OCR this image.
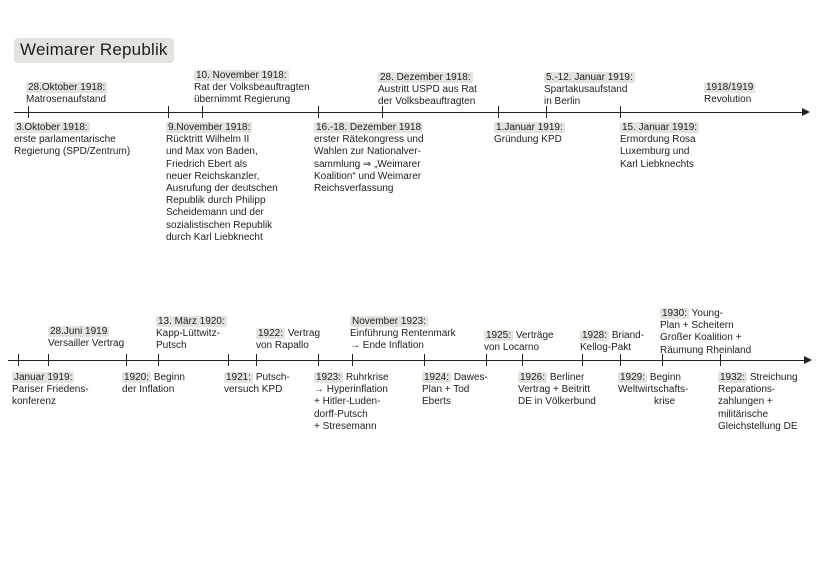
Weimarer Republik
28.Oktober 1918:
Matrosenaufstand
10. November 1918:
Rat der Volksbeauftragten
übernimmt Regierung
28. Dezember 1918:
Austritt USPD aus Rat
der Volksbeauftragten
5.-12. Januar 1919:
Spartakusaufstand
in Berlin
1918/1919
Revolution
3.Oktober 1918:
erste parlamentarische
Regierung (SPD/Zentrum)
9.November 1918:
Rücktritt Wilhelm II
und Max von Baden,
Friedrich Ebert als
neuer Reichskanzler,
Ausrufung der deutschen
Republik durch Philipp
Scheidemann und der
sozialistischen Republik
durch Karl Liebknecht
16.-18. Dezember 1918
erster Rätekongress und
Wahlen zur Nationalver-
sammlung ⇒ „Weimarer
Koalition“ und Weimarer
Reichsverfassung
1.Januar 1919:
Gründung KPD
15. Januar 1919:
Ermordung Rosa
Luxemburg und
Karl Liebknechts
28.Juni 1919
Versailler Vertrag
13. März 1920:
Kapp-Lüttwitz-
Putsch
1922: Vertrag
von Rapallo
November 1923:
Einführung Rentenmark
→ Ende Inflation
1925: Verträge
von Locarno
1928: Briand-
Kellog-Pakt
1930: Young-
Plan + Scheitern
Großer Koalition +
Räumung Rheinland
Januar 1919:
Pariser Friedens-
konferenz
1920: Beginn
der Inflation
1921: Putsch-
versuch KPD
1923: Ruhrkrise
→ Hyperinflation
+ Hitler-Luden-
dorff-Putsch
+ Stresemann
1924: Dawes-
Plan + Tod
Eberts
1926: Berliner
Vertrag + Beitritt
DE in Völkerbund
1929: Beginn
Weltwirtschafts-
krise
1932: Streichung
Reparations-
zahlungen +
militärische
Gleichstellung DE
